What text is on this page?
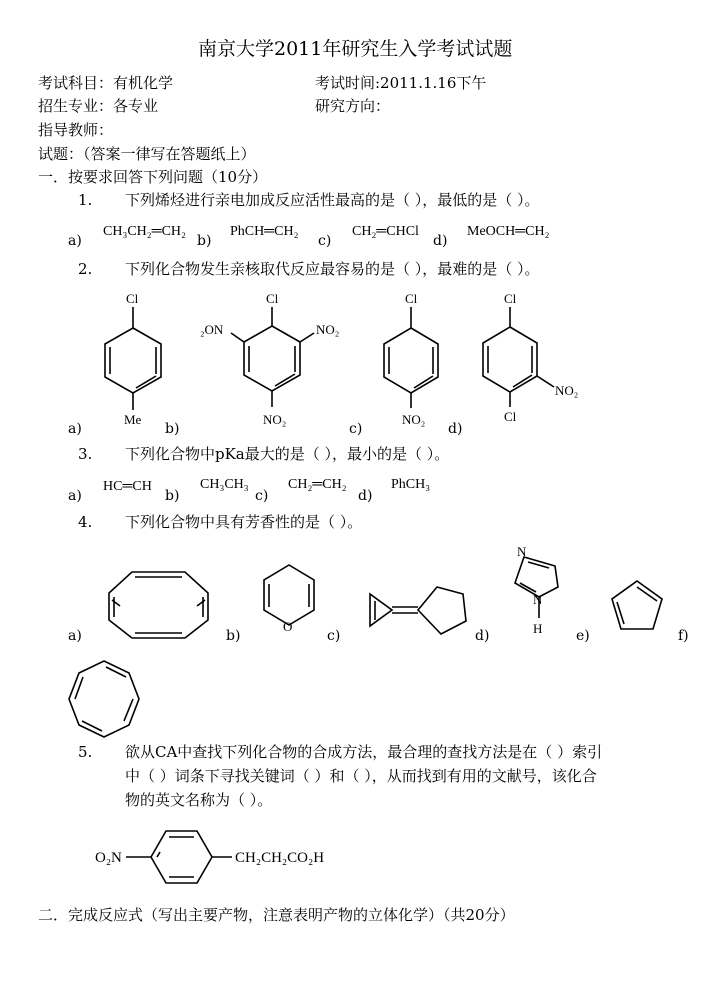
南京大学2011年研究生入学考试试题
考试科目：有机化学	考试时间:2011.1.16下午
招生专业：各专业	研究方向：
指导教师：
试题：（答案一律写在答题纸上）
一．按要求回答下列问题（10分）
1. 下列烯烃进行亲电加成反应活性最高的是（ ），最低的是（ ）。
a)
CH₃CH₂═CH₂
b)
PhCH═CH₂
c)
CH₂═CHCl
d)
MeOCH═CH₂
2. 下列化合物发生亲核取代反应最容易的是（ ），最难的是（ ）。
Cl
Me
Cl
₂ON	NO₂
NO₂
Cl
NO₂
Cl
NO₂
Cl
a)	b)	c)	d)
3. 下列化合物中pKa最大的是（ ），最小的是（ ）。
a)
HC═CH
b)
CH₃CH₃
c)
CH₂═CH₂
d)
PhCH₃
4. 下列化合物中具有芳香性的是（ ）。
O
N
N
H
a)	b)	c)	d)	e)	f)
5. 欲从CA中查找下列化合物的合成方法，最合理的查找方法是在（ ）索引
中（ ）词条下寻找关键词（ ）和（ ），从而找到有用的文献号，该化合
物的英文名称为（ ）。
O₂N	CH₂CH₂CO₂H
二．完成反应式（写出主要产物，注意表明产物的立体化学）（共20分）
